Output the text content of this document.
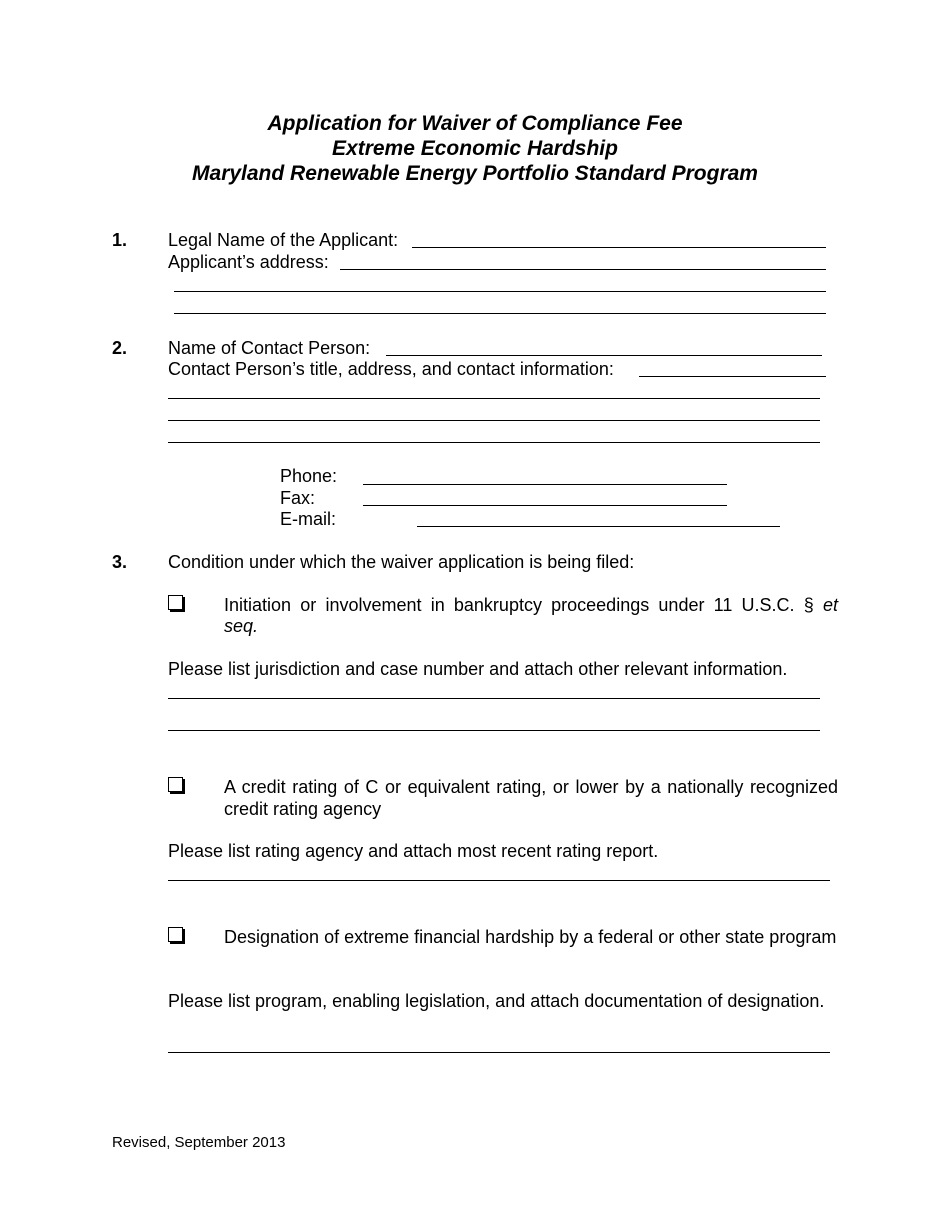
Application for Waiver of Compliance Fee
Extreme Economic Hardship
Maryland Renewable Energy Portfolio Standard Program
1. Legal Name of the Applicant:
Applicant’s address:
2. Name of Contact Person:
Contact Person’s title, address, and contact information:
Phone:
Fax:
E-mail:
3. Condition under which the waiver application is being filed:
Initiation or involvement in bankruptcy proceedings under 11 U.S.C. § et
seq.
Please list jurisdiction and case number and attach other relevant information.
A credit rating of C or equivalent rating, or lower by a nationally recognized credit rating agency
Please list rating agency and attach most recent rating report.
Designation of extreme financial hardship by a federal or other state program
Please list program, enabling legislation, and attach documentation of designation.
Revised, September 2013
